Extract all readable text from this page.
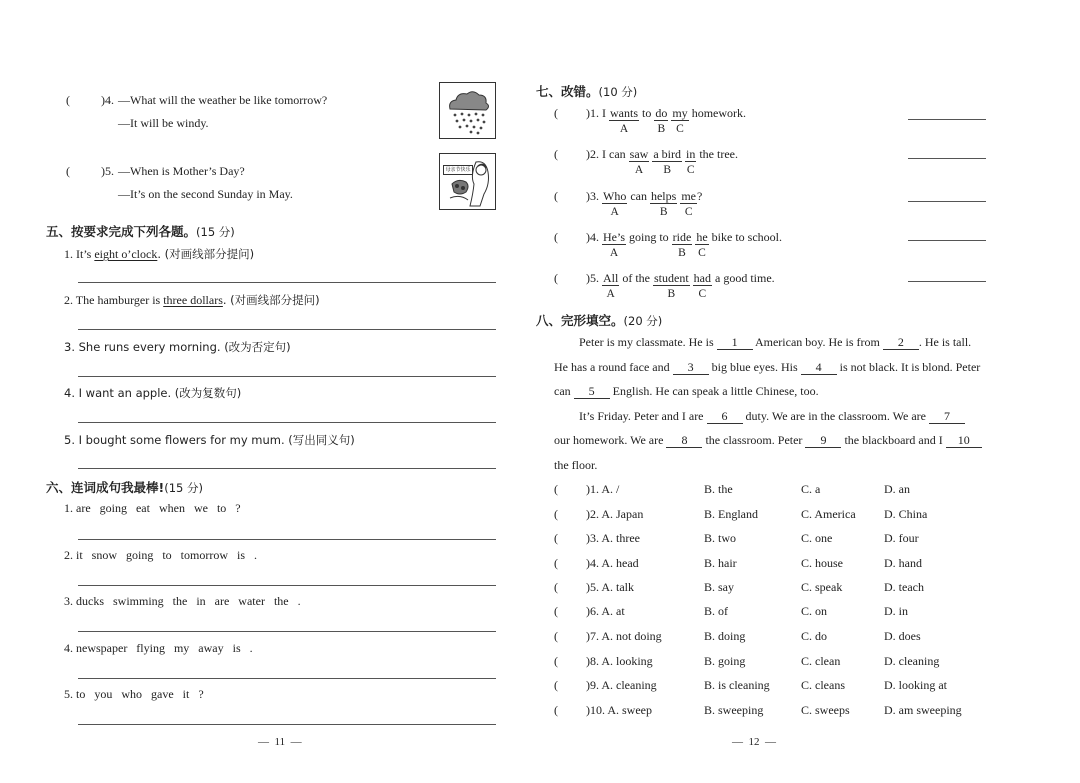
(	)4. —What will the weather be like tomorrow?
—It will be windy.
(	)5. —When is Mother’s Day?
—It’s on the second Sunday in May.
母亲节快乐
五、按要求完成下列各题。(15 分)
1. It’s eight o’clock. (对画线部分提问)
2. The hamburger is three dollars. (对画线部分提问)
3. She runs every morning. (改为否定句)
4. I want an apple. (改为复数句)
5. I bought some flowers for my mum. (写出同义句)
六、连词成句我最棒!(15 分)
1. are   going   eat   when   we   to   ?
2. it   snow   going   to   tomorrow   is   .
3. ducks   swimming   the   in   are   water   the   .
4. newspaper   flying   my   away   is   .
5. to   you   who   gave   it   ?
—  11  —
七、改错。(10 分)
( )1. I wants
A
to do
B
my
C
homework.
( )2. I can saw
A
a bird
B
in
C
the tree.
( )3. Who
A
can helps
B
me
C
?
( )4. He’s
A
going to ride
B
he
C
bike to school.
( )5. All
A
of the student
B
had
C
a good time.
八、完形填空。(20 分)
Peter is my classmate. He is 1 American boy. He is from 2 . He is tall.
He has a round face and 3 big blue eyes. His 4 is not black. It is blond. Peter
can 5 English. He can speak a little Chinese, too.
It’s Friday. Peter and I are 6 duty. We are in the classroom. We are 7
our homework. We are 8 the classroom. Peter 9 the blackboard and I 10
the floor.
( )1. A. /	B. the	C. a	D. an
( )2. A. Japan	B. England	C. America D. China
( )3. A. three	B. two	C. one	D. four
( )4. A. head	B. hair	C. house	D. hand
( )5. A. talk	B. say	C. speak	D. teach
( )6. A. at	B. of	C. on	D. in
( )7. A. not doing	B. doing	C. do	D. does
( )8. A. looking	B. going	C. clean	D. cleaning
( )9. A. cleaning	B. is cleaning	C. cleans	D. looking at
( )10. A. sweep	B. sweeping	C. sweeps	D. am sweeping
—  12  —
